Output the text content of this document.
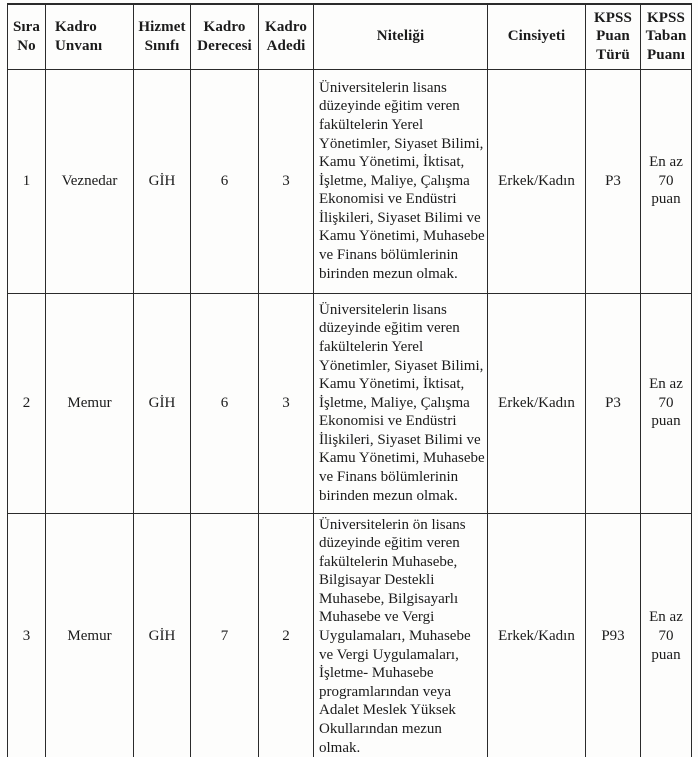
Sıra No	Kadro Unvanı	Hizmet Sınıfı	Kadro Derecesi	Kadro Adedi	Niteliği	Cinsiyeti	KPSS Puan Türü	KPSS Taban Puanı
1	Veznedar	GİH	6	3	Üniversitelerin lisans düzeyinde eğitim veren fakültelerin Yerel Yönetimler, Siyaset Bilimi, Kamu Yönetimi, İktisat, İşletme, Maliye, Çalışma Ekonomisi ve Endüstri İlişkileri, Siyaset Bilimi ve Kamu Yönetimi, Muhasebe ve Finans bölümlerinin birinden mezun olmak.	Erkek/Kadın	P3	En az 70 puan
2	Memur	GİH	6	3	Üniversitelerin lisans düzeyinde eğitim veren fakültelerin Yerel Yönetimler, Siyaset Bilimi, Kamu Yönetimi, İktisat, İşletme, Maliye, Çalışma Ekonomisi ve Endüstri İlişkileri, Siyaset Bilimi ve Kamu Yönetimi, Muhasebe ve Finans bölümlerinin birinden mezun olmak.	Erkek/Kadın	P3	En az 70 puan
3	Memur	GİH	7	2	Üniversitelerin ön lisans düzeyinde eğitim veren fakültelerin Muhasebe, Bilgisayar Destekli Muhasebe, Bilgisayarlı Muhasebe ve Vergi Uygulamaları, Muhasebe ve Vergi Uygulamaları, İşletme- Muhasebe programlarından veya Adalet Meslek Yüksek Okullarından mezun olmak.	Erkek/Kadın	P93	En az 70 puan
